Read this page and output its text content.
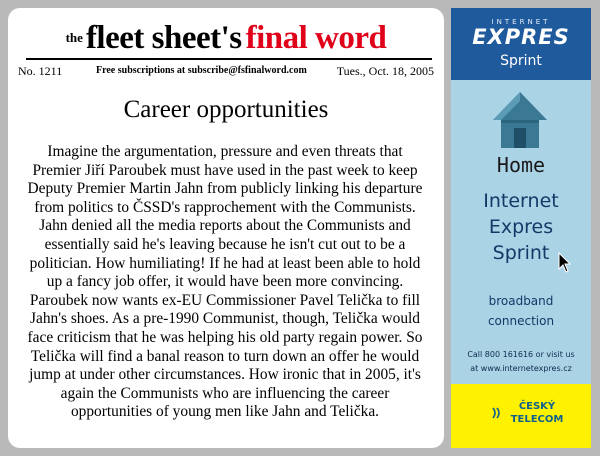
$^{the}$fleet sheet's final word
No. 1211	Free subscriptions at subscribe@fsfinalword.com Tues., Oct. 18, 2005
Career opportunities

Imagine the argumentation, pressure and even threats that Premier Jiří Paroubek must have used in the past week to keep Deputy Premier Martin Jahn from publicly linking his departure from politics to ČSSD's rapprochement with the Communists. Jahn denied all the media reports about the Communists and essentially said he's leaving because he isn't cut out to be a politician. How humiliating! If he had at least been able to hold up a fancy job offer, it would have been more convincing. Paroubek now wants ex-EU Commissioner Pavel Telička to fill Jahn's shoes. As a pre-1990 Communist, though, Telička would face criticism that he was helping his old party regain power. So Telička will find a banal reason to turn down an offer he would jump at under other circumstances. How ironic that in 2005, it's again the Communists who are influencing the career opportunities of young men like Jahn and Telička.

INTERNET
EXPRES
Sprint
Home
Internet
Expres
Sprint
broadband
connection
Call 800 161616 or visit us
at www.internetexpres.cz
ČESKÝ
TELECOM
